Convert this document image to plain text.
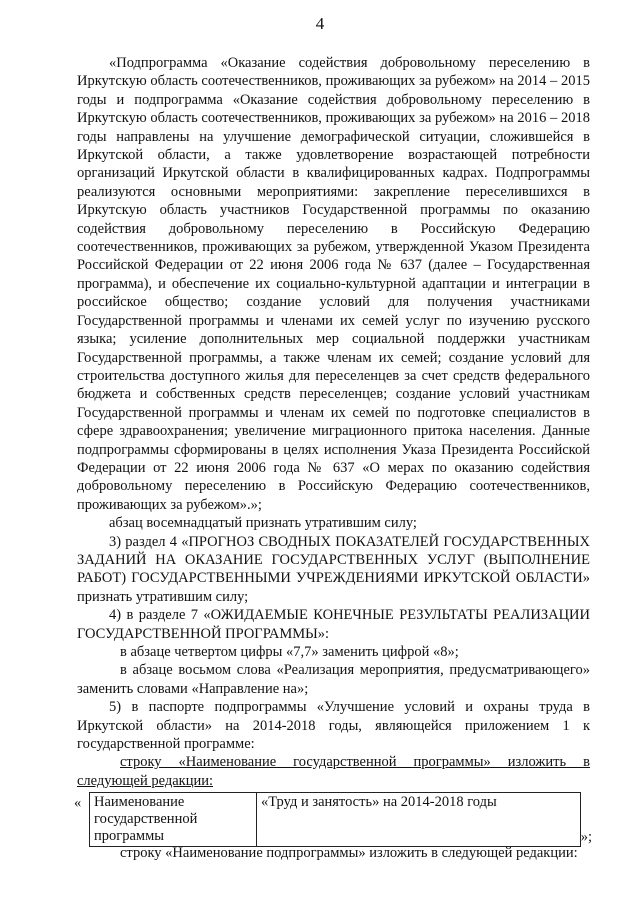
4

«Подпрограмма «Оказание содействия добровольному переселению в Иркутскую область соотечественников, проживающих за рубежом» на 2014 – 2015 годы и подпрограмма «Оказание содействия добровольному переселению в Иркутскую область соотечественников, проживающих за рубежом» на 2016 – 2018 годы направлены на улучшение демографической ситуации, сложившейся в Иркутской области, а также удовлетворение возрастающей потребности организаций Иркутской области в квалифицированных кадрах. Подпрограммы реализуются основными мероприятиями: закрепление переселившихся в Иркутскую область участников Государственной программы по оказанию содействия добровольному переселению в Российскую Федерацию соотечественников, проживающих за рубежом, утвержденной Указом Президента Российской Федерации от 22 июня 2006 года № 637 (далее – Государственная программа), и обеспечение их социально-культурной адаптации и интеграции в российское общество; создание условий для получения участниками Государственной программы и членами их семей услуг по изучению русского языка; усиление дополнительных мер социальной поддержки участникам Государственной программы, а также членам их семей; создание условий для строительства доступного жилья для переселенцев за счет средств федерального бюджета и собственных средств переселенцев; создание условий участникам Государственной программы и членам их семей по подготовке специалистов в сфере здравоохранения; увеличение миграционного притока населения. Данные подпрограммы сформированы в целях исполнения Указа Президента Российской Федерации от 22 июня 2006 года № 637 «О мерах по оказанию содействия добровольному переселению в Российскую Федерацию соотечественников, проживающих за рубежом».»;

абзац восемнадцатый признать утратившим силу;

3) раздел 4 «ПРОГНОЗ СВОДНЫХ ПОКАЗАТЕЛЕЙ ГОСУДАРСТВЕННЫХ ЗАДАНИЙ НА ОКАЗАНИЕ ГОСУДАРСТВЕННЫХ УСЛУГ (ВЫПОЛНЕНИЕ РАБОТ) ГОСУДАРСТВЕННЫМИ УЧРЕЖДЕНИЯМИ ИРКУТСКОЙ ОБЛАСТИ» признать утратившим силу;

4) в разделе 7 «ОЖИДАЕМЫЕ КОНЕЧНЫЕ РЕЗУЛЬТАТЫ РЕАЛИЗАЦИИ ГОСУДАРСТВЕННОЙ ПРОГРАММЫ»:

в абзаце четвертом цифры «7,7» заменить цифрой «8»;

в абзаце восьмом слова «Реализация мероприятия, предусматривающего» заменить словами «Направление на»;

5) в паспорте подпрограммы «Улучшение условий и охраны труда в Иркутской области» на 2014-2018 годы, являющейся приложением 1 к государственной программе:

строку «Наименование государственной программы» изложить в следующей редакции:

« Наименование государственной программы	«Труд и занятость» на 2014-2018 годы
»;

строку «Наименование подпрограммы» изложить в следующей редакции:
